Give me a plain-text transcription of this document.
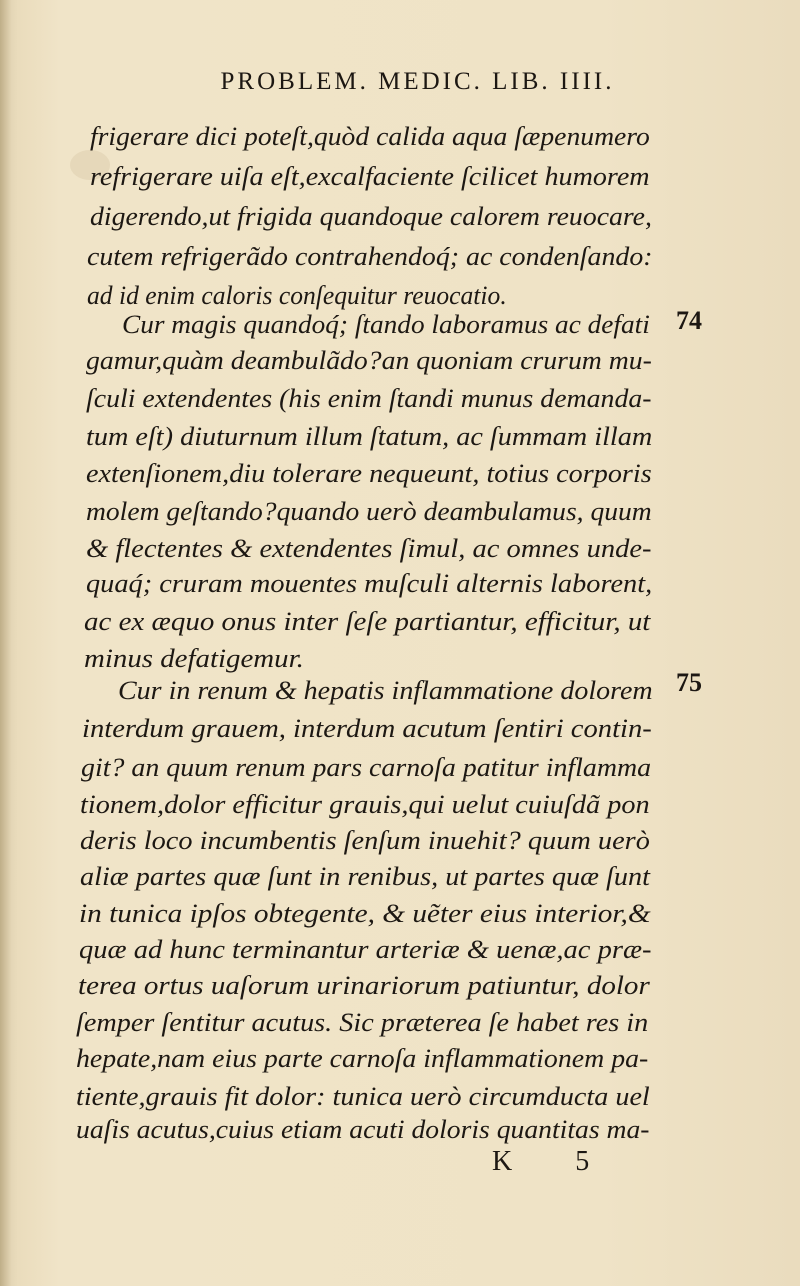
PROBLEM. MEDIC. LIB. IIII.
frigerare dici poteſt,quòd calida aqua ſæpenumero
refrigerare uiſa eſt,excalfaciente ſcilicet humorem
digerendo,ut frigida quandoque calorem reuocare,
cutem refrigerãdo contrahendoq́; ac condenſando:
ad id enim caloris conſequitur reuocatio.
Cur magis quandoq́; ſtando laboramus ac defati
gamur,quàm deambulãdo?an quoniam crurum mu-
ſculi extendentes (his enim ſtandi munus demanda-
tum eſt) diuturnum illum ſtatum, ac ſummam illam
extenſionem,diu tolerare nequeunt, totius corporis
molem geſtando?quando uerò deambulamus, quum
& flectentes & extendentes ſimul, ac omnes unde-
quaq́; cruram mouentes muſculi alternis laborent,
ac ex æquo onus inter ſeſe partiantur, efficitur, ut
minus defatigemur.
Cur in renum & hepatis inflammatione dolorem
interdum grauem, interdum acutum ſentiri contin-
git? an quum renum pars carnoſa patitur inflamma
tionem,dolor efficitur grauis,qui uelut cuiuſdã pon
deris loco incumbentis ſenſum inuehit? quum uerò
aliæ partes quæ ſunt in renibus, ut partes quæ ſunt
in tunica ipſos obtegente, & uẽter eius interior,&
quæ ad hunc terminantur arteriæ & uenæ,ac præ-
terea ortus uaſorum urinariorum patiuntur, dolor
ſemper ſentitur acutus. Sic præterea ſe habet res in
hepate,nam eius parte carnoſa inflammationem pa-
tiente,grauis fit dolor: tunica uerò circumducta uel
uaſis acutus,cuius etiam acuti doloris quantitas ma-
74
75
K 5
